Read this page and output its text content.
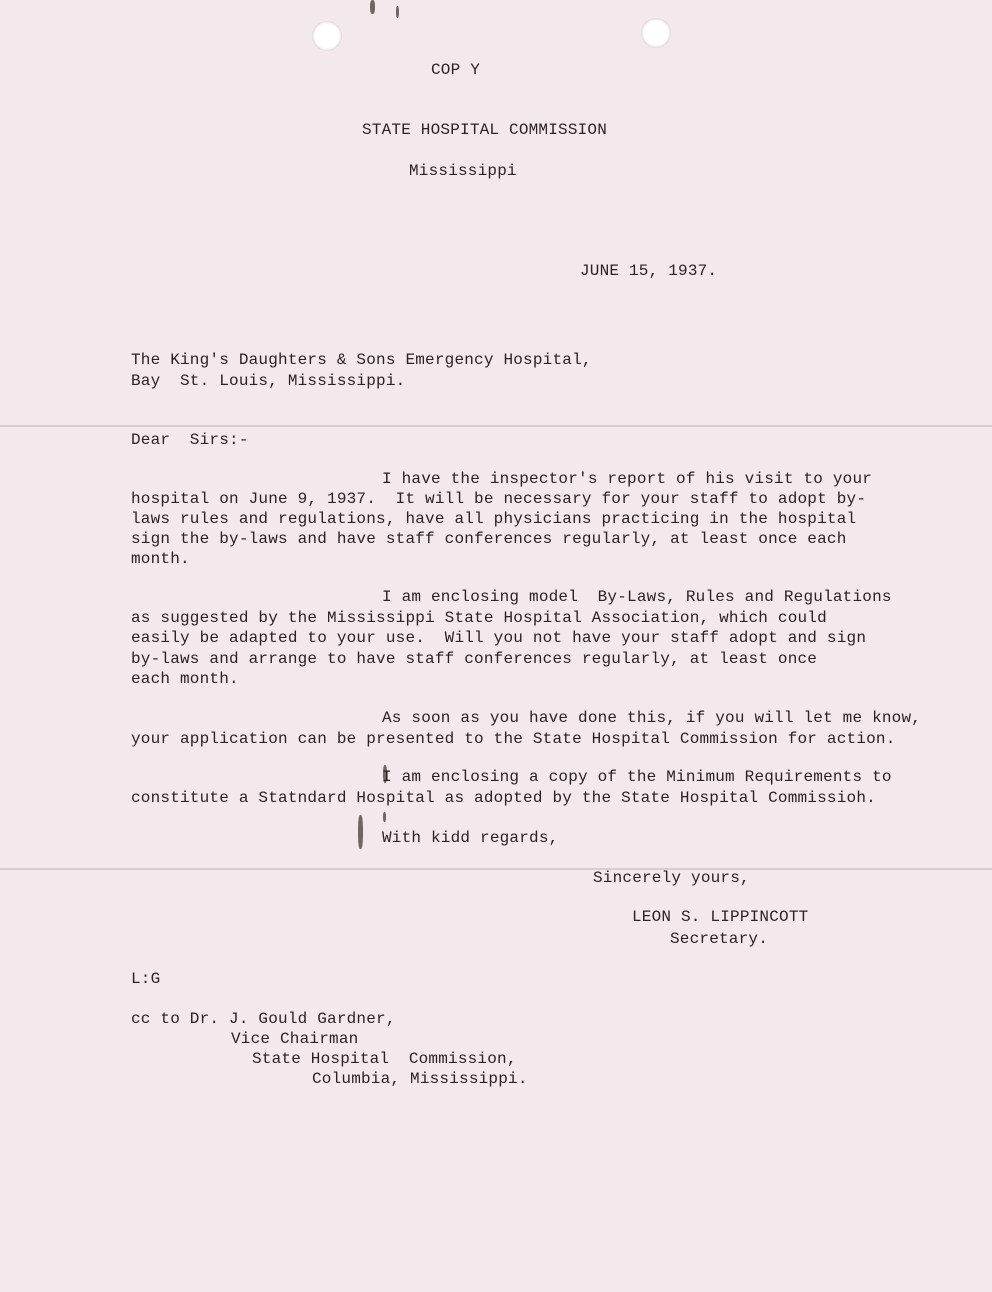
COP Y
STATE HOSPITAL COMMISSION
Mississippi
JUNE 15, 1937.
The King's Daughters & Sons Emergency Hospital,
Bay  St. Louis, Mississippi.
Dear  Sirs:-
I have the inspector's report of his visit to your
hospital on June 9, 1937.  It will be necessary for your staff to adopt by-
laws rules and regulations, have all physicians practicing in the hospital
sign the by-laws and have staff conferences regularly, at least once each
month.
I am enclosing model  By-Laws, Rules and Regulations
as suggested by the Mississippi State Hospital Association, which could
easily be adapted to your use.  Will you not have your staff adopt and sign
by-laws and arrange to have staff conferences regularly, at least once
each month.
As soon as you have done this, if you will let me know,
your application can be presented to the State Hospital Commission for action.
I am enclosing a copy of the Minimum Requirements to
constitute a Statndard Hospital as adopted by the State Hospital Commissioh.
With kidd regards,
Sincerely yours,
LEON S. LIPPINCOTT
Secretary.
L:G
cc to Dr. J. Gould Gardner,
Vice Chairman
State Hospital  Commission,
Columbia, Mississippi.
